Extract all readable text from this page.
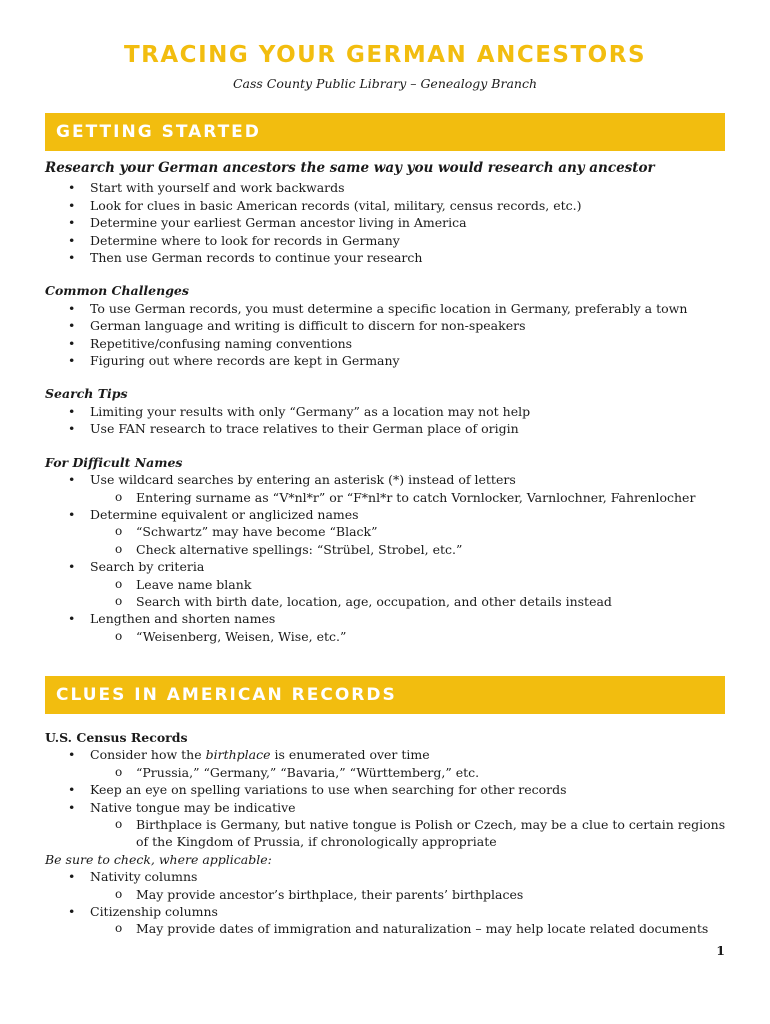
TRACING YOUR GERMAN ANCESTORS

Cass County Public Library – Genealogy Branch

GETTING STARTED

Research your German ancestors the same way you would research any ancestor

• Start with yourself and work backwards
• Look for clues in basic American records (vital, military, census records, etc.)
• Determine your earliest German ancestor living in America
• Determine where to look for records in Germany
• Then use German records to continue your research

Common Challenges

• To use German records, you must determine a specific location in Germany, preferably a town
• German language and writing is difficult to discern for non-speakers
• Repetitive/confusing naming conventions
• Figuring out where records are kept in Germany

Search Tips

• Limiting your results with only “Germany” as a location may not help
• Use FAN research to trace relatives to their German place of origin

For Difficult Names

• Use wildcard searches by entering an asterisk (*) instead of letters
o Entering surname as “V*nl*r” or “F*nl*r to catch Vornlocker, Varnlochner, Fahrenlocher
• Determine equivalent or anglicized names
o “Schwartz” may have become “Black”
o Check alternative spellings: “Strübel, Strobel, etc.”
• Search by criteria
o Leave name blank
o Search with birth date, location, age, occupation, and other details instead
• Lengthen and shorten names
o “Weisenberg, Weisen, Wise, etc.”
CLUES IN AMERICAN RECORDS

U.S. Census Records

• Consider how the birthplace is enumerated over time
o “Prussia,” “Germany,” “Bavaria,” “Württemberg,” etc.
• Keep an eye on spelling variations to use when searching for other records
• Native tongue may be indicative
o Birthplace is Germany, but native tongue is Polish or Czech, may be a clue to certain regions of the Kingdom of Prussia, if chronologically appropriate

Be sure to check, where applicable:

• Nativity columns
o May provide ancestor’s birthplace, their parents’ birthplaces
• Citizenship columns
o May provide dates of immigration and naturalization – may help locate related documents
1
